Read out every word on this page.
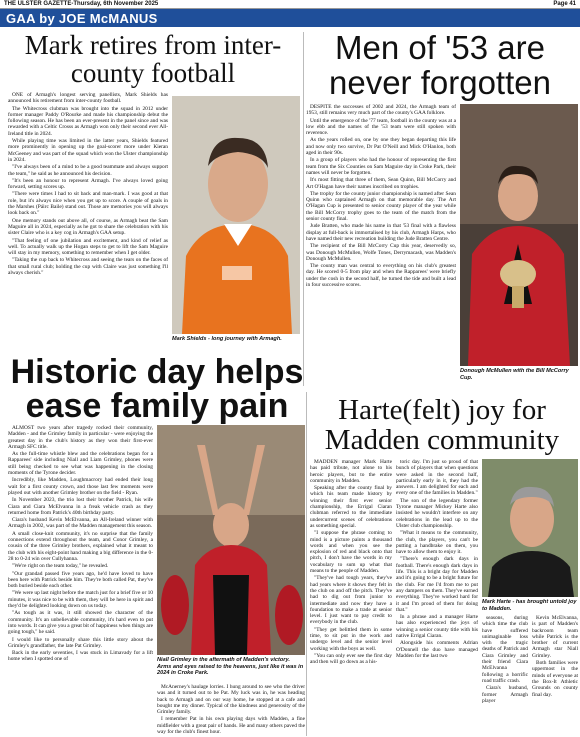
THE ULSTER GAZETTE-Thursday, 6th November 2025	Page 41
GAA by JOE McMANUS
Mark retires from inter-county football

ONE of Armagh's longest serving panellists, Mark Shields has announced his retirement from inter-county football.

The Whitecross clubman was brought into the squad in 2012 under former manager Paddy O'Rourke and made his championship debut the following season. He has been an ever-present in the panel since and was rewarded with a Celtic Crosss as Armagh won only their second ever All-Ireland title in 2024.

While playing time was limited in the latter years, Shields featured more prominently in opening up the goal-scorer more under Kieran McGeeney and was part of the squad which won the Ulster championship in 2024.

"I've always been of a mind to be a good teammate and always support the team," he said as he announced his decision.

"It's been an honour to represent Armagh. I've always loved going forward, setting scores up.

"There were times I had to sit back and man-mark. I was good at that role, but it's always nice when you get up to score. A couple of goals in the Marshes (Páirc Baile) stand out. Those are memories you will always look back on."

One memory stands out above all, of course, as Armagh beat the Sam Maguire all in 2024, especially as he got to share the celebration with his sister Claire who is a key cog in Armagh's GAA setup.

"That feeling of one jubilation and excitement, and kind of relief as well. To actually walk up the Hogan steps to get to lift the Sam Maguire will stay in my memory, something to remember when I get older.

"Taking the cup back to Whitecross and seeing the tears on the faces of that small rural club; holding the cup with Claire was just something I'll always cherish."

Mark Shields - long journey with Armagh.
Men of '53 are never forgotten

DESPITE the successes of 2002 and 2024, the Armagh team of 1953, still remains very much part of the county's GAA folklore.

Until the emergence of the '77 team, football in the county was at a low ebb and the names of the '53 team were still spoken with reverence.

As the years rolled on, one by one they began departing this life and now only two survive, Dr Pat O'Neill and Mick O'Hanlon, both aged in their 90s.

In a group of players who had the honour of representing the first team from the Six Counties on Sam Maguire day in Croke Park, their names will never be forgotten.

It's most fitting that three of them, Sean Quinn, Bill McCorry and Art O'Hagan have their names inscribed on trophies.

The trophy for the county junior championship is named after Sean Quinn who captained Armagh on that memorable day. The Art O'Hagan Cup is presented to senior county player of the year while the Bill McCorry trophy goes to the team of the match from the senior county final.

Jude Bratten, who made his name in that '53 final with a flawless display at full-back is immortalised by his club, Armagh Harps, who have named their new recreation building the Jude Bratten Centre.

The recipient of the Bill McCorry Cup this year, deservedly so, was Donough McMullen, Wolfe Tones, Derrymacash, was Madden's Donough McMullen.

The county man was central to everything on his club's greatest day. He scored 0-5 from play and when the Rapparees' were briefly under the cosh in the second half, he turned the tide and built a lead in four successive scores.

Donough McMullen with the Bill McCorry Cup.
Historic day helps ease family pain

ALMOST two years after tragedy rocked their community, Madden - and the Grimley family in particular - were enjoying the greatest day in the club's history as they won their first-ever Armagh SFC title.

As the full-time whistle blew and the celebrations began for a Rapparees' side including Niall and Liam Grimley, phones were still being checked to see what was happening in the closing moments of the Tyrone decider.

Incredibly, like Madden, Loughmacrory had ended their long wait for a first county crown, and those last few moments were played out with another Grimley brother on the field - Ryan.

In November 2023, the trio lost their brother Patrick, his wife Ciara and Ciara McElvanna in a freak vehicle crash as they returned home from Patrick's 40th birthday party.

Ciara's husband Kevin McElvanna, an All-Ireland winner with Armagh in 2002, was part of the Madden management this season.

A small close-knit community, it's no surprise that the family connections extend throughout the team, and Conor Grimley, a cousin of the three Grimley brothers, explained what it meant to the club with his eight-point hand making a big difference in the 0-28 to 0-24 win over Cullyhanna.

"We're right on the team today," he revealed.

"Our grandad passed five years ago, he'd have loved to have been here with Patrick beside him. They're both called Pat, they've both buried beside each other.

"We were up last night before the match just for a brief five or 10 minutes, it was nice to be with them, they will be here in spirit and they'd be delighted looking down on us today.

"As tough as it was, it still showed the character of the community. It's an unbelievable community, it's hard even to put into words. It can give you a great bit of happiness when things are going tough," he said.

I would like to personally share this little story about the Grimley's grandfather, the late Pat Grimley.

Back in the early seventies, I was stuck in Limavady for a lift home when I spotted one of	Niall Grimley in the aftermath of Madden's victory. Arms and eyes raised to the heavens, just like it was in 2024 in Croke Park.

McAnerney's haulage lorries. I hung around to see who the driver was and it turned out to be Pat. My luck was in, he was heading back to Armagh and on our way home, he stopped at a cafe and bought me my dinner. Typical of the kindness and generosity of the Grimley family.

I remember Pat in his own playing days with Madden, a fine midfielder with a great pair of hands. He and many others paved the way for the club's finest hour.

Harte(felt) joy for Madden community

MADDEN manager Mark Harte has paid tribute, not alone to his heroic players, but to the entire community in Madden.

Speaking after the county final by which his team made history by winning their first ever senior championship, the Errigal Ciaran clubman referred to the immediate undercurrent scenes of celebrations as something special.

"I suppose the phrase coming to mind is a picture paints a thousand words and when you see the explosion of red and black onto that pitch, I don't have the words in my vocabulary to sum up what that means to the people of Madden.

"They've had tough years, they've had years where it shows they felt in the club on and off the pitch. They've had to dig out from junior to intermediate and now they have a foundation to make a trade at senior level. I just want to pay credit to everybody in the club.

"They get belittled them in some time, to sit put in the work and undergo level and the senior level working with the boys as well.

"You can only ever see the first day and then will go down as a his-

toric day. I'm just so proud of that bunch of players that when questions were asked in the second half, particularly early in it, they had the answers. I am delighted for each and every one of the families in Madden."

The son of the legendary former Tyrone manager Mickey Harte also insisted he wouldn't interfere on any celebrations in the lead up to the Ulster club championship.

"What it means to the community, the club, the players, you can't be putting a handbrake on them, you have to allow them to enjoy it.

"There's enough dark days in football. There's enough dark days in life. This is a bright day for Madden and it's going to be a bright future for the club. For me I'd from me to put any dampers on them. They've earned everything. They've worked hard for it and I'm proud of them for doing that."

In a phrase and a manager Harte has also experienced the joys of winning a senior county title with his native Errigal Ciaran.

Alongside his comments Adrian O'Donnell the duo have managed Madden for the last two

Mark Harte - has brought untold joy to Madden.

seasons, during which time the club have suffered unimaginable loss with the tragic deaths of Patrick and Ciara Grimley and their friend Ciara McElvanna following a horrific road traffic crash.

Ciara's husband, former Armagh player

Kevin McElvanna, is part of Madden's backroom team while Patrick is the brother of current Armagh star Niall Grimley.

Both families were uppermost in the minds of everyone at the Box-It Athletic Grounds on county final day.
